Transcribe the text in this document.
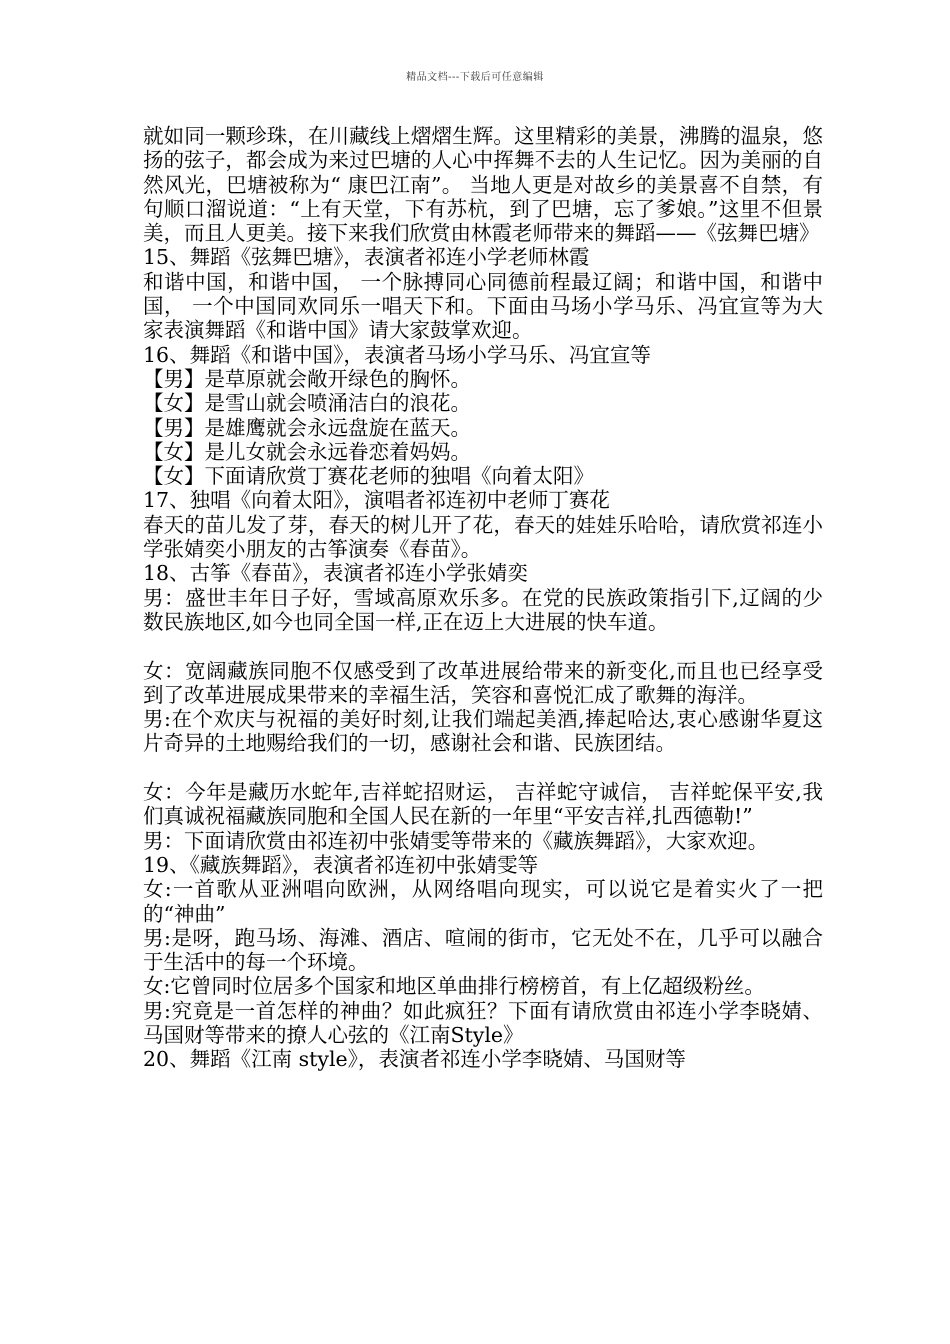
精品文档---下载后可任意编辑

就如同一颗珍珠，在川藏线上熠熠生辉。这里精彩的美景，沸腾的温泉，悠扬的弦子，都会成为来过巴塘的人心中挥舞不去的人生记忆。因为美丽的自然风光，巴塘被称为“ 康巴江南”。 当地人更是对故乡的美景喜不自禁，有句顺口溜说道：“上有天堂，下有苏杭，到了巴塘，忘了爹娘。”这里不但景美，而且人更美。接下来我们欣赏由林霞老师带来的舞蹈——《弦舞巴塘》

15、舞蹈《弦舞巴塘》，表演者祁连小学老师林霞

和谐中国，和谐中国， 一个脉搏同心同德前程最辽阔；和谐中国，和谐中国， 一个中国同欢同乐一唱天下和。下面由马场小学马乐、冯宜宣等为大家表演舞蹈《和谐中国》请大家鼓掌欢迎。

16、舞蹈《和谐中国》，表演者马场小学马乐、冯宜宣等

【男】是草原就会敞开绿色的胸怀。

【女】是雪山就会喷涌洁白的浪花。

【男】是雄鹰就会永远盘旋在蓝天。

【女】是儿女就会永远眷恋着妈妈。

【女】下面请欣赏丁赛花老师的独唱《向着太阳》

17、独唱《向着太阳》，演唱者祁连初中老师丁赛花

春天的苗儿发了芽，春天的树儿开了花，春天的娃娃乐哈哈，请欣赏祁连小学张婧奕小朋友的古筝演奏《春苗》。

18、古筝《春苗》，表演者祁连小学张婧奕

男：盛世丰年日子好，雪域高原欢乐多。在党的民族政策指引下,辽阔的少数民族地区,如今也同全国一样,正在迈上大进展的快车道。

女：宽阔藏族同胞不仅感受到了改革进展给带来的新变化,而且也已经享受到了改革进展成果带来的幸福生活，笑容和喜悦汇成了歌舞的海洋。

男:在个欢庆与祝福的美好时刻,让我们端起美酒,捧起哈达,衷心感谢华夏这片奇异的土地赐给我们的一切，感谢社会和谐、民族团结。

女：今年是藏历水蛇年,吉祥蛇招财运， 吉祥蛇守诚信， 吉祥蛇保平安,我们真诚祝福藏族同胞和全国人民在新的一年里“平安吉祥,扎西德勒!”

男：下面请欣赏由祁连初中张婧雯等带来的《藏族舞蹈》，大家欢迎。

19、《藏族舞蹈》，表演者祁连初中张婧雯等

女:一首歌从亚洲唱向欧洲，从网络唱向现实，可以说它是着实火了一把的“神曲”

男:是呀，跑马场、海滩、酒店、喧闹的街市，它无处不在，几乎可以融合于生活中的每一个环境。

女:它曾同时位居多个国家和地区单曲排行榜榜首，有上亿超级粉丝。

男:究竟是一首怎样的神曲？如此疯狂？下面有请欣赏由祁连小学李晓婧、马国财等带来的撩人心弦的《江南Style》

20、舞蹈《江南 style》，表演者祁连小学李晓婧、马国财等
